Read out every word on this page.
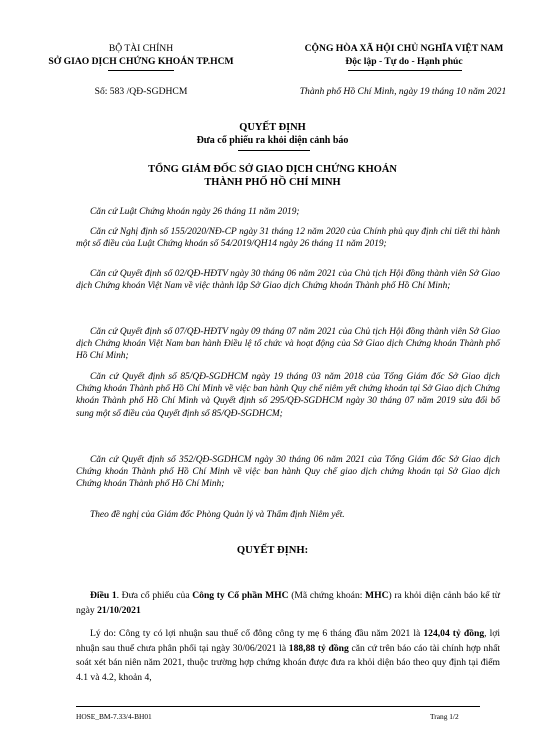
BỘ TÀI CHÍNH
SỞ GIAO DỊCH CHỨNG KHOÁN TP.HCM
Số: 583 /QĐ-SGDHCM
CỘNG HÒA XÃ HỘI CHỦ NGHĨA VIỆT NAM
Độc lập - Tự do - Hạnh phúc
Thành phố Hồ Chí Minh, ngày 19 tháng 10 năm 2021
QUYẾT ĐỊNH
Đưa cổ phiếu ra khỏi diện cảnh báo
TỔNG GIÁM ĐỐC SỞ GIAO DỊCH CHỨNG KHOÁN
THÀNH PHỐ HỒ CHÍ MINH
Căn cứ Luật Chứng khoán ngày 26 tháng 11 năm 2019;
Căn cứ Nghị định số 155/2020/NĐ-CP ngày 31 tháng 12 năm 2020 của Chính phủ quy định chi tiết thi hành một số điều của Luật Chứng khoán số 54/2019/QH14 ngày 26 tháng 11 năm 2019;
Căn cứ Quyết định số 02/QĐ-HĐTV ngày 30 tháng 06 năm 2021 của Chủ tịch Hội đồng thành viên Sở Giao dịch Chứng khoán Việt Nam về việc thành lập Sở Giao dịch Chứng khoán Thành phố Hồ Chí Minh;
Căn cứ Quyết định số 07/QĐ-HĐTV ngày 09 tháng 07 năm 2021 của Chủ tịch Hội đồng thành viên Sở Giao dịch Chứng khoán Việt Nam ban hành Điều lệ tổ chức và hoạt động của Sở Giao dịch Chứng khoán Thành phố Hồ Chí Minh;
Căn cứ Quyết định số 85/QĐ-SGDHCM ngày 19 tháng 03 năm 2018 của Tổng Giám đốc Sở Giao dịch Chứng khoán Thành phố Hồ Chí Minh về việc ban hành Quy chế niêm yết chứng khoán tại Sở Giao dịch Chứng khoán Thành phố Hồ Chí Minh và Quyết định số 295/QĐ-SGDHCM ngày 30 tháng 07 năm 2019 sửa đổi bổ sung một số điều của Quyết định số 85/QĐ-SGDHCM;
Căn cứ Quyết định số 352/QĐ-SGDHCM ngày 30 tháng 06 năm 2021 của Tổng Giám đốc Sở Giao dịch Chứng khoán Thành phố Hồ Chí Minh về việc ban hành Quy chế giao dịch chứng khoán tại Sở Giao dịch Chứng khoán Thành phố Hồ Chí Minh;
Theo đề nghị của Giám đốc Phòng Quản lý và Thẩm định Niêm yết.
QUYẾT ĐỊNH:
Điều 1. Đưa cổ phiếu của Công ty Cổ phần MHC (Mã chứng khoán: MHC) ra khỏi diện cảnh báo kể từ ngày 21/10/2021
Lý do: Công ty có lợi nhuận sau thuế cổ đông công ty mẹ 6 tháng đầu năm 2021 là 124,04 tỷ đồng, lợi nhuận sau thuế chưa phân phối tại ngày 30/06/2021 là 188,88 tỷ đồng căn cứ trên báo cáo tài chính hợp nhất soát xét bán niên năm 2021, thuộc trường hợp chứng khoán được đưa ra khỏi diện báo theo quy định tại điểm 4.1 và 4.2, khoản 4,
HOSE_BM-7.33/4-BH01	Trang 1/2
